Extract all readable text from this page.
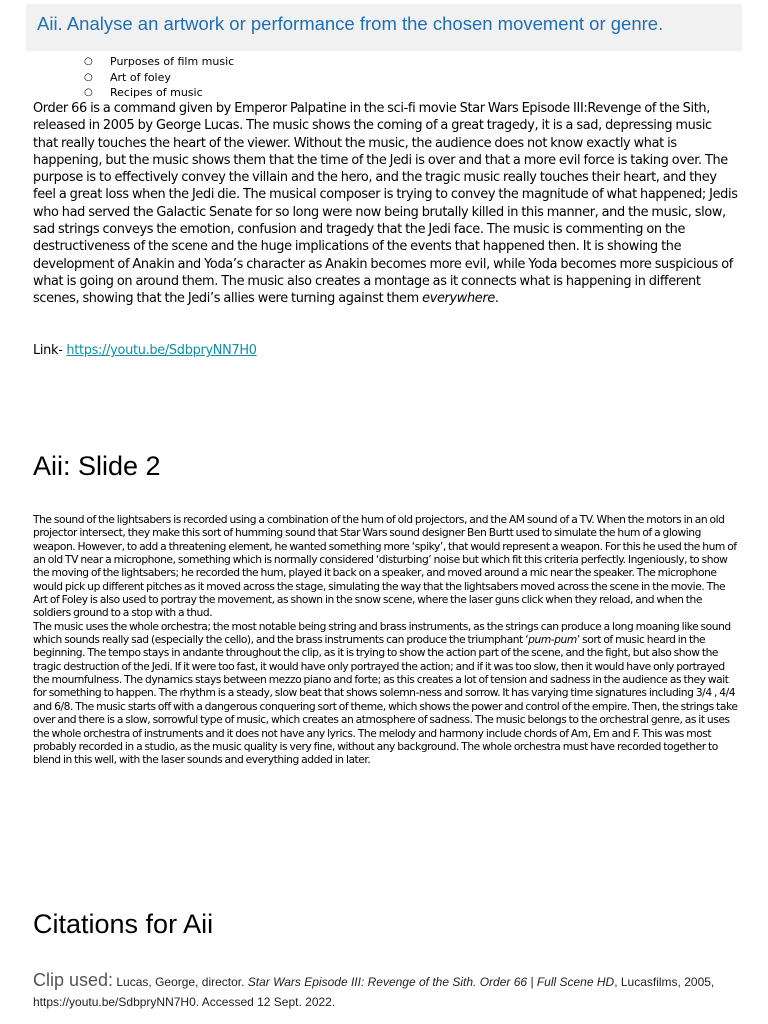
Aii. Analyse an artwork or performance from the chosen movement or genre.
○ Purposes of film music
○ Art of foley
○ Recipes of music

Order 66 is a command given by Emperor Palpatine in the sci-fi movie Star Wars Episode III:Revenge of the Sith, released in 2005 by George Lucas. The music shows the coming of a great tragedy, it is a sad, depressing music that really touches the heart of the viewer. Without the music, the audience does not know exactly what is happening, but the music shows them that the time of the Jedi is over and that a more evil force is taking over. The purpose is to effectively convey the villain and the hero, and the tragic music really touches their heart, and they feel a great loss when the Jedi die. The musical composer is trying to convey the magnitude of what happened; Jedis who had served the Galactic Senate for so long were now being brutally killed in this manner, and the music, slow, sad strings conveys the emotion, confusion and tragedy that the Jedi face. The music is commenting on the destructiveness of the scene and the huge implications of the events that happened then. It is showing the development of Anakin and Yoda’s character as Anakin becomes more evil, while Yoda becomes more suspicious of what is going on around them. The music also creates a montage as it connects what is happening in different scenes, showing that the Jedi’s allies were turning against them everywhere.

Link- https://youtu.be/SdbpryNN7H0

Aii: Slide 2

The sound of the lightsabers is recorded using a combination of the hum of old projectors, and the AM sound of a TV. When the motors in an old projector intersect, they make this sort of humming sound that Star Wars sound designer Ben Burtt used to simulate the hum of a glowing weapon. However, to add a threatening element, he wanted something more ‘spiky’, that would represent a weapon. For this he used the hum of an old TV near a microphone, something which is normally considered ‘disturbing’ noise but which fit this criteria perfectly. Ingeniously, to show the moving of the lightsabers; he recorded the hum, played it back on a speaker, and moved around a mic near the speaker. The microphone would pick up different pitches as it moved across the stage, simulating the way that the lightsabers moved across the scene in the movie. The Art of Foley is also used to portray the movement, as shown in the snow scene, where the laser guns click when they reload, and when the soldiers ground to a stop with a thud.

The music uses the whole orchestra; the most notable being string and brass instruments, as the strings can produce a long moaning like sound which sounds really sad (especially the cello), and the brass instruments can produce the triumphant ‘pum-pum’ sort of music heard in the beginning. The tempo stays in andante throughout the clip, as it is trying to show the action part of the scene, and the fight, but also show the tragic destruction of the Jedi. If it were too fast, it would have only portrayed the action; and if it was too slow, then it would have only portrayed the mournfulness. The dynamics stays between mezzo piano and forte; as this creates a lot of tension and sadness in the audience as they wait for something to happen. The rhythm is a steady, slow beat that shows solemn-ness and sorrow. It has varying time signatures including 3/4 , 4/4 and 6/8. The music starts off with a dangerous conquering sort of theme, which shows the power and control of the empire. Then, the strings take over and there is a slow, sorrowful type of music, which creates an atmosphere of sadness. The music belongs to the orchestral genre, as it uses the whole orchestra of instruments and it does not have any lyrics. The melody and harmony include chords of Am, Em and F. This was most probably recorded in a studio, as the music quality is very fine, without any background. The whole orchestra must have recorded together to blend in this well, with the laser sounds and everything added in later.

Citations for Aii

Clip used: Lucas, George, director. Star Wars Episode III: Revenge of the Sith. Order 66 | Full Scene HD, Lucasfilms, 2005, https://youtu.be/SdbpryNN7H0. Accessed 12 Sept. 2022.
